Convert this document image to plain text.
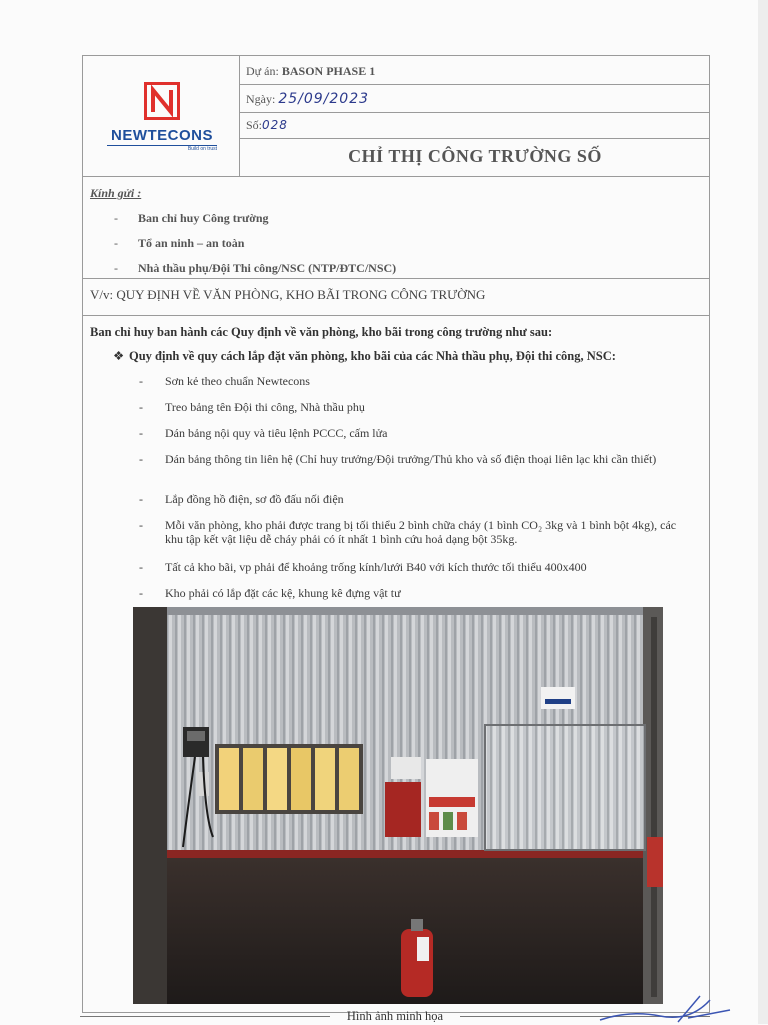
NEWTECONS
Build on trust
Dự án: BASON PHASE 1
Ngày: 25/09/2023
Số:028
CHỈ THỊ CÔNG TRƯỜNG SỐ
Kính gửi :
- Ban chỉ huy Công trường
- Tổ an ninh – an toàn
- Nhà thầu phụ/Đội Thi công/NSC (NTP/ĐTC/NSC)
V/v: QUY ĐỊNH VỀ VĂN PHÒNG, KHO BÃI TRONG CÔNG TRƯỜNG
Ban chỉ huy ban hành các Quy định về văn phòng, kho bãi trong công trường như sau:
❖ Quy định về quy cách lắp đặt văn phòng, kho bãi của các Nhà thầu phụ, Đội thi công, NSC:
- Sơn kẻ theo chuẩn Newtecons
- Treo bảng tên Đội thi công, Nhà thầu phụ
- Dán bảng nội quy và tiêu lệnh PCCC, cấm lửa
- Dán bảng thông tin liên hệ (Chỉ huy trưởng/Đội trưởng/Thủ kho và số điện thoại liên lạc khi cần thiết)
- Lắp đồng hồ điện, sơ đồ đấu nối điện
- Mỗi văn phòng, kho phải được trang bị tối thiểu 2 bình chữa cháy (1 bình CO₂ 3kg và 1 bình bột 4kg), các khu tập kết vật liệu dễ cháy phải có ít nhất 1 bình cứu hoả dạng bột 35kg.
- Tất cả kho bãi, vp phải để khoảng trống kính/lưới B40 với kích thước tối thiểu 400x400
- Kho phải có lắp đặt các kệ, khung kê đựng vật tư
Hình ảnh minh họa
